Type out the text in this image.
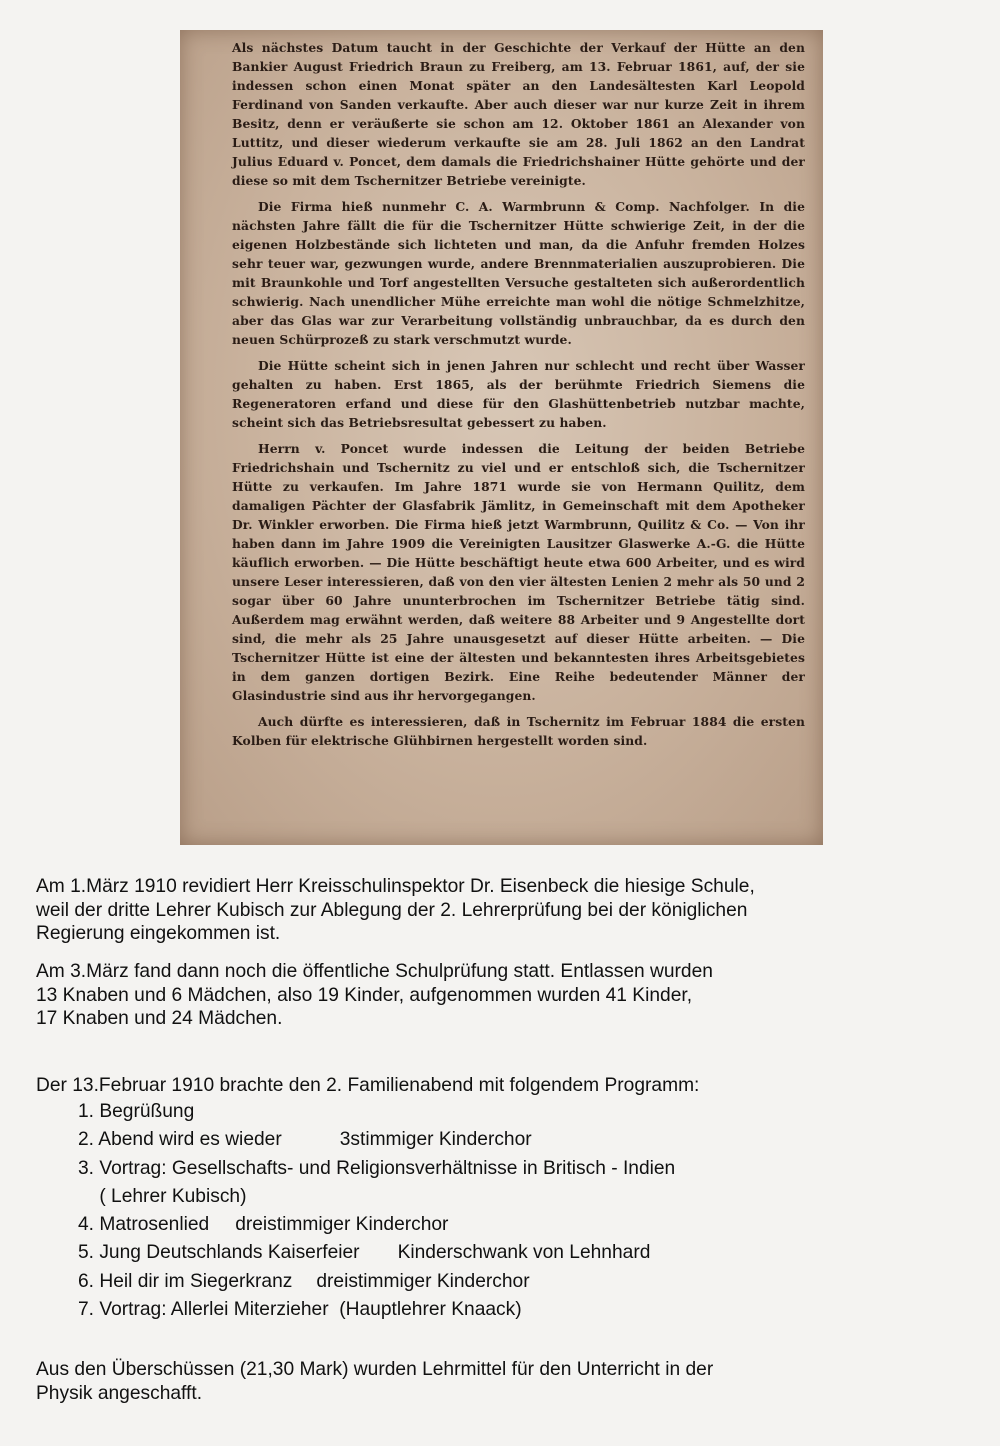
Als nächstes Datum taucht in der Geschichte der Verkauf der Hütte an den Bankier August Friedrich Braun zu Freiberg, am 13. Februar 1861, auf, der sie indessen schon einen Monat später an den Landesältesten Karl Leopold Ferdinand von Sanden verkaufte. Aber auch dieser war nur kurze Zeit in ihrem Besitz, denn er veräußerte sie schon am 12. Oktober 1861 an Alexander von Luttitz, und dieser wiederum verkaufte sie am 28. Juli 1862 an den Landrat Julius Eduard v. Poncet, dem damals die Friedrichshainer Hütte gehörte und der diese so mit dem Tschernitzer Betriebe vereinigte.

Die Firma hieß nunmehr C. A. Warmbrunn & Comp. Nachfolger. In die nächsten Jahre fällt die für die Tschernitzer Hütte schwierige Zeit, in der die eigenen Holzbestände sich lichteten und man, da die Anfuhr fremden Holzes sehr teuer war, gezwungen wurde, andere Brennmaterialien auszuprobieren. Die mit Braunkohle und Torf angestellten Versuche gestalteten sich außerordentlich schwierig. Nach unendlicher Mühe erreichte man wohl die nötige Schmelzhitze, aber das Glas war zur Verarbeitung vollständig unbrauchbar, da es durch den neuen Schürprozeß zu stark verschmutzt wurde.

Die Hütte scheint sich in jenen Jahren nur schlecht und recht über Wasser gehalten zu haben. Erst 1865, als der berühmte Friedrich Siemens die Regeneratoren erfand und diese für den Glashüttenbetrieb nutzbar machte, scheint sich das Betriebsresultat gebessert zu haben.

Herrn v. Poncet wurde indessen die Leitung der beiden Betriebe Friedrichshain und Tschernitz zu viel und er entschloß sich, die Tschernitzer Hütte zu verkaufen. Im Jahre 1871 wurde sie von Hermann Quilitz, dem damaligen Pächter der Glasfabrik Jämlitz, in Gemeinschaft mit dem Apotheker Dr. Winkler erworben. Die Firma hieß jetzt Warmbrunn, Quilitz & Co. — Von ihr haben dann im Jahre 1909 die Vereinigten Lausitzer Glaswerke A.-G. die Hütte käuflich erworben. — Die Hütte beschäftigt heute etwa 600 Arbeiter, und es wird unsere Leser interessieren, daß von den vier ältesten Lenien 2 mehr als 50 und 2 sogar über 60 Jahre ununterbrochen im Tschernitzer Betriebe tätig sind. Außerdem mag erwähnt werden, daß weitere 88 Arbeiter und 9 Angestellte dort sind, die mehr als 25 Jahre unausgesetzt auf dieser Hütte arbeiten. — Die Tschernitzer Hütte ist eine der ältesten und bekanntesten ihres Arbeitsgebietes in dem ganzen dortigen Bezirk. Eine Reihe bedeutender Männer der Glasindustrie sind aus ihr hervorgegangen.

Auch dürfte es interessieren, daß in Tschernitz im Februar 1884 die ersten Kolben für elektrische Glühbirnen hergestellt worden sind.

Am 1.März 1910 revidiert Herr Kreisschulinspektor Dr. Eisenbeck die hiesige Schule,
weil der dritte Lehrer Kubisch zur Ablegung der 2. Lehrerprüfung bei der königlichen
Regierung eingekommen ist.
Am 3.März fand dann noch die öffentliche Schulprüfung statt. Entlassen wurden
13 Knaben und 6 Mädchen, also 19 Kinder, aufgenommen wurden 41 Kinder,
17 Knaben und 24 Mädchen.
Der 13.Februar 1910 brachte den 2. Familienabend mit folgendem Programm:
1. Begrüßung
2. Abend wird es wieder	3stimmiger Kinderchor
3. Vortrag: Gesellschafts- und Religionsverhältnisse in Britisch - Indien
( Lehrer Kubisch)
4. Matrosenlied dreistimmiger Kinderchor
5. Jung Deutschlands Kaiserfeier Kinderschwank von Lehnhard
6. Heil dir im Siegerkranz dreistimmiger Kinderchor
7. Vortrag: Allerlei Miterzieher  (Hauptlehrer Knaack)
Aus den Überschüssen (21,30 Mark) wurden Lehrmittel für den Unterricht in der
Physik angeschafft.
